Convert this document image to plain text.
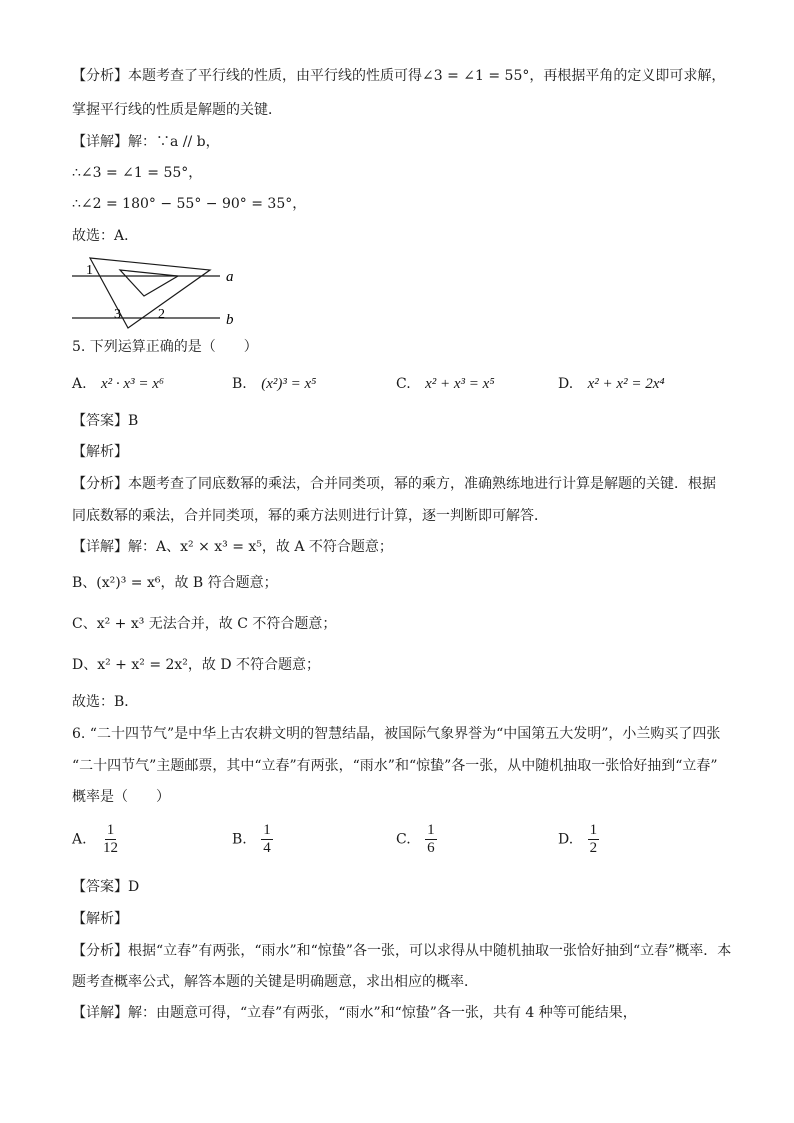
【分析】本题考查了平行线的性质，由平行线的性质可得∠3 = ∠1 = 55°，再根据平角的定义即可求解，
掌握平行线的性质是解题的关键．
【详解】解：∵a // b，
∴∠3 = ∠1 = 55°，
∴∠2 = 180° − 55° − 90° = 35°，
故选：A．
1
3	2
a
b
5. 下列运算正确的是（　　）
A. x² · x³ = x⁶	B. (x²)³ = x⁵	C. x² + x³ = x⁵	D. x² + x² = 2x⁴
【答案】B
【解析】
【分析】本题考查了同底数幂的乘法，合并同类项，幂的乘方，准确熟练地进行计算是解题的关键．根据
同底数幂的乘法，合并同类项，幂的乘方法则进行计算，逐一判断即可解答．
【详解】解：A、x² × x³ = x⁵，故 A 不符合题意；
B、(x²)³ = x⁶，故 B 符合题意；
C、x² + x³ 无法合并，故 C 不符合题意；
D、x² + x² = 2x²，故 D 不符合题意；
故选：B．
6. “二十四节气”是中华上古农耕文明的智慧结晶，被国际气象界誉为“中国第五大发明”，小兰购买了四张
“二十四节气”主题邮票，其中“立春”有两张，“雨水”和“惊蛰”各一张，从中随机抽取一张恰好抽到“立春”
概率是（　　）
A. $\frac{1}{12}$	B. $\frac{1}{4}$	C. $\frac{1}{6}$	D. $\frac{1}{2}$
【答案】D
【解析】
【分析】根据“立春”有两张，“雨水”和“惊蛰”各一张，可以求得从中随机抽取一张恰好抽到“立春”概率．本
题考查概率公式，解答本题的关键是明确题意，求出相应的概率．
【详解】解：由题意可得，“立春”有两张，“雨水”和“惊蛰”各一张，共有 4 种等可能结果，
